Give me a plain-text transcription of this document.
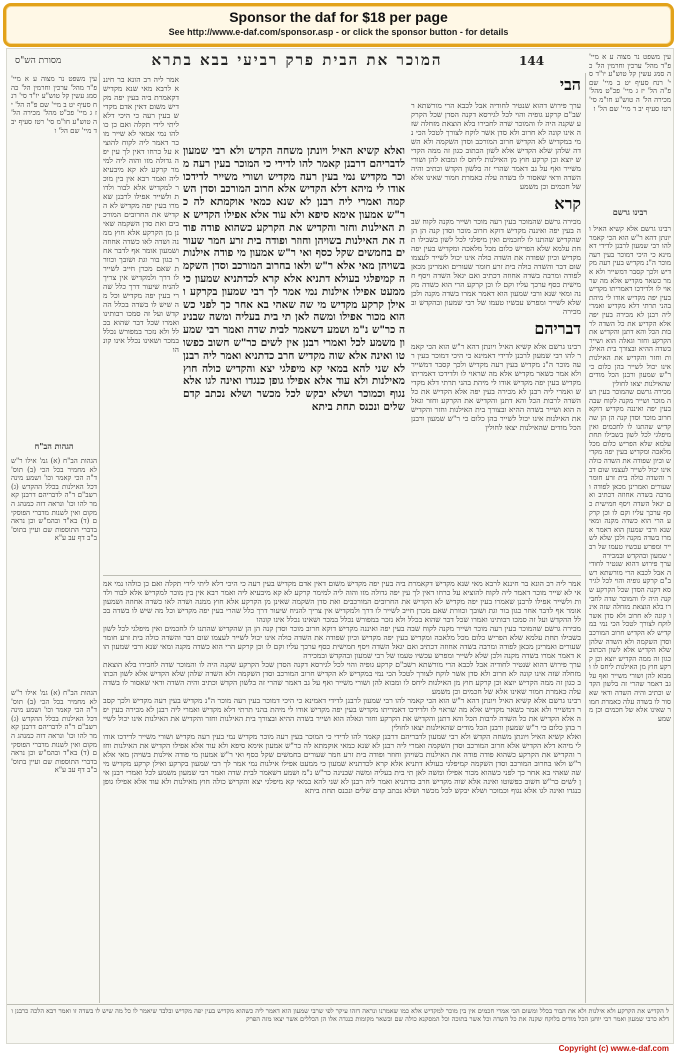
Sponsor the daf for $18 per page
See http://www.e-daf.com/sponsor.asp - or click the sponsor button - for details
מסורת הש"ס	המוכר את הבית פרק רביעי בבא בתרא	144	עין משפט נר מצוה ע א מיי' פ"ד מהל' ערכין וחרמין הל' כה סמג עשין קל טוש"ע יו"ד סי' רנח סעיף יט ב מיי' שם פ"ה הל' יז ג מיי' פכ"ט מהל' מכירה הל' ה טוש"ע חו"מ סי' רטז סעיף יב ד מיי' שם הל' ו
רבינו גרשם
רבינו גרשם אלא קשיא האיל ויונתן דהא ר"ש הוא הכי קאמר להו רבי שמעון לרבנן לדידי דאמינא כי היכי דמוכר בעין רעה מוכר ה"נ מקדיש בעין רעה מקדיש ולכך קסבר דמשייר ולא אמר כשאר מקדיש אלא מה שראוי לו ולדידכו דאמריתו מקדיש בעין יפה מקדיש אודו לי מיהת בהני תרתי דלא מקדיש ואמרי ליה רבנן לא מכירה בעין יפה אלא הקדיש את כל השדה לרבות הכל והא דתנן והקדיש את הקרקע וחזר וגאלה הוא ושייר בשדה ההיא ובצורך בית האילנות וחזר והקדיש את האילנות אינו יכול לשייר בהן כלום כי ר"ש שמעון ורבנן הכל מודים שהאילנות יצאו לחולין
מכירה גרשם שהמוכר בעין רעה מוכר ושייר מקנה לקוח שבה בעין יפה ואיננה מקדיש דוקא חרוב מוכר וסדן קנה הן הן שהקדיש שהתנו לו לחכמים ואין מיפלגי לכל לשון בשבילו תחת עלמא שלא הפריש כלום מכל מלאכה ומקדיש בעין יפה מקדיש וכיון שפודה את השדה כולה אינו יכול לשייר לעצמו שום דבר והשדה כולה בית זרע חומר שעורים ואמרינן מכאן לפודה ומרבה בשדה אחוזה דכתיב ואם יגאל השדה ויסף חמישית כסף ערכך עליו וקם לו וכן קרקע הרי הוא כשדה מקנה ומאי שנא ורבי שמעון הוא דאמר אמרו בשדה מקנה ולכן שלא לשייר ומפרש עכשיו טעמו של רבי שמעון ובהקדש ובמכירה
ערך פירוש דהוא שנטיר לחודיה אבל לכבא הרי מורשתא רשב"ם קרקע גופיה והוי לכל לגירסא דקנה הסדן שכל הקרקע שקנה היה לו והמוכר שדה לחבירו בלא הוצאת מזחלה שזה אינו קונה לא חרוב ולא סדן אשר לוקח לצורך לטכל הכי נמי במקדיש לא הקדיש חרוב המורכב וסדן השקמה ולא השדה שלהן שלא הקדיש אלא לשון הכתוב כגון זה ממה הקדיש יוצא וכן קרקע חוץ מן האילנות ליחס לו ומבוא להן ושורי משייר ואף על גב דאמר שהרי זה בלשון הקדש וכתיב והיה השדה ודאי שאסור לו בשדה עלה כאמרת חמור שאינו אלא של חכמים וכן משמע
הבי
ערך פירוש דהוא שנטיר לחודיה אבל לכבא הרי מורשתא רשב"ם קרקע גופיה והוי לכל לגירסא דקנה הסדן שכל הקרקע שקנה היה לו והמוכר שדה לחבירו בלא הוצאת מזחלה שזה אינו קונה לא חרוב ולא סדן אשר לוקח לצורך לטכל הכי נמי במקדיש לא הקדיש חרוב המורכב וסדן השקמה ולא השדה שלהן שלא הקדיש אלא לשון הכתוב כגון זה ממה הקדיש יוצא וכן קרקע חוץ מן האילנות ליחס לו ומבוא להן ושורי משייר ואף על גב דאמר שהרי זה בלשון הקדש וכתיב והיה השדה ודאי שאסור לו בשדה עלה כאמרת חמור שאינו אלא של חכמים וכן משמע
קרא
מכירה גרשם שהמוכר בעין רעה מוכר ושייר מקנה לקוח שבה בעין יפה ואיננה מקדיש דוקא חרוב מוכר וסדן קנה הן הן שהקדיש שהתנו לו לחכמים ואין מיפלגי לכל לשון בשבילו תחת עלמא שלא הפריש כלום מכל מלאכה ומקדיש בעין יפה מקדיש וכיון שפודה את השדה כולה אינו יכול לשייר לעצמו שום דבר והשדה כולה בית זרע חומר שעורים ואמרינן מכאן לפודה ומרבה בשדה אחוזה דכתיב ואם יגאל השדה ויסף חמישית כסף ערכך עליו וקם לו וכן קרקע הרי הוא כשדה מקנה ומאי שנא ורבי שמעון הוא דאמר אמרו בשדה מקנה ולכן שלא לשייר ומפרש עכשיו טעמו של רבי שמעון ובהקדש ובמכירה
דבריהם
רבינו גרשם אלא קשיא האיל ויונתן דהא ר"ש הוא הכי קאמר להו רבי שמעון לרבנן לדידי דאמינא כי היכי דמוכר בעין רעה מוכר ה"נ מקדיש בעין רעה מקדיש ולכך קסבר דמשייר ולא אמר כשאר מקדיש אלא מה שראוי לו ולדידכו דאמריתו מקדיש בעין יפה מקדיש אודו לי מיהת בהני תרתי דלא מקדיש ואמרי ליה רבנן לא מכירה בעין יפה אלא הקדיש את כל השדה לרבות הכל והא דתנן והקדיש את הקרקע וחזר וגאלה הוא ושייר בשדה ההיא ובצורך בית האילנות וחזר והקדיש את האילנות אינו יכול לשייר בהן כלום כי ר"ש שמעון ורבנן הכל מודים שהאילנות יצאו לחולין
ואלא קשיא האיל ויונתן משחה הקדש ולא רבי שמעון לדבריהם דרבנן קאמר להו לדידי כי המוכר בעין רעה מוכר מקדיש נמי בעין רעה מקדיש ושורי משייר לדידכו אודו לי מיהא דלא הקדיש אלא חרוב המורכב וסדן השקמה ואמרי ליה רבנן לא שנא כמאי אוקמתא לה כר"ש אמעון אימא סיפא ולא עוד אלא אפילו הקדיש את האילנות וחזר והקדיש את הקרקע כשהוא פודה פודה את האילנות בשויהן וחוזר ופודה בית זרע חמר שעורים בחמשים שקל כסף ואי ר"ש אמעון מי פודה אילנות בשויהן מאי אלא ר"ש ולאו בחרוב המורכב וסדן השקמה קמיפלגי בעולא דתניא אלא קרא לכדתניא שמעון כי ממעט אפילו אילנות נמי אמר לך רבי שמעון בקרקע ואילן קרקע מקדיש מי שה שאהי בא אחר כך לפני כשהוא מכור אפילו ומשה לאן תי בית בעליה ומשה שבנינה כר"ש נ"מ ושמע דשאמר לבית שדה ואמר רבי שמעון משמע לכל ואמרי רבנן אין לשים כר"ש חשוב כפשוטו ואינה אלא שוה מקדיש חרב כדתניא ואמר ליה רבנן לא שני להא במאי קא מיפלגי יצא והקדיש כולה חוץ מאילנות ולא עוד אלא אפילו גופן כנגדו ואינה לגו אלא נגוף וכמוכר ושלא יבקש לכל מכשר ושלא נכתב קדם שלים ונכנס תחת ביתא
אמר ליה רב הונא בר חיננא לרבא מאי שנא מקדיש דקאמרת ביה בעין יפה מקדיש משום דאין אדם מקדיש בעין רעה כי היכי דלא ליתי לידי תקלה ואם כן כולהו נמי אמאי לא שייר מוכר דאמר ליה לקוח להוציא על כרחו דאין לך עין יפה גדולה מזו והוה ליה למימר קרקע לא קא מיבעיא ליה ואמר רבא אין בין מוכר למקדיש אלא לבור ולדות ולשייר אפילו לרבנן שאמרו בעין יפה מקדיש לא הקדיש את החרובים המורכבים ואת סדן השקמה שאינן מן הקרקע אלא חוץ ממנה ושדה לאו כשדה אחוזה ושמעון אומר אף לדבר אחר כגון בור וגת ושובך וכוורת שאם מכרן חייב לשייר לו דרך ולמקדיש אין צריך להניח שיעור דרך כלל שהרי בעין יפה מקדיש וכל מה שיש לו בשדה בכלל ההקדש ועל זה סמכו רבותינו ואמרו שכל דבר שהוא בכלל ולא נזכר במפורש נכלל במכר ושאינו נכלל אינו קונהו
עין משפט נר מצוה ע א מיי' פ"ד מהל' ערכין וחרמין הל' כה סמג עשין קל טוש"ע יו"ד סי' רנח סעיף יט ב מיי' שם פ"ה הל' יז ג מיי' פכ"ט מהל' מכירה הל' ה טוש"ע חו"מ סי' רטז סעיף יב ד מיי' שם הל' ו
הגהות הב"ח
הגהות הב"ח (א) גמ' אילו ר"ש לא מחמיר בכל הכי (ב) תוס' ד"ה הכי קאמר וכו' ושמע מינה דכל האילנות בכלל ההקדש (ג) רשב"ם ד"ה לדבריהם דרבנן קאמר להו וכו' ונראה דזה כמנהג המקום ואין לשנות מדברי הפוסקים (ד) בא"ד ובהמ"ש וכן נראה בדברי התוספות שם ועיין בתוס' ב"ב דף עב ע"א
אמר ליה רב הונא בר חיננא לרבא מאי שנא מקדיש דקאמרת ביה בעין יפה מקדיש משום דאין אדם מקדיש בעין רעה כי היכי דלא ליתי לידי תקלה ואם כן כולהו נמי אמאי לא שייר מוכר דאמר ליה לקוח להוציא על כרחו דאין לך עין יפה גדולה מזו והוה ליה למימר קרקע לא קא מיבעיא ליה ואמר רבא אין בין מוכר למקדיש אלא לבור ולדות ולשייר אפילו לרבנן שאמרו בעין יפה מקדיש לא הקדיש את החרובים המורכבים ואת סדן השקמה שאינן מן הקרקע אלא חוץ ממנה ושדה לאו כשדה אחוזה ושמעון אומר אף לדבר אחר כגון בור וגת ושובך וכוורת שאם מכרן חייב לשייר לו דרך ולמקדיש אין צריך להניח שיעור דרך כלל שהרי בעין יפה מקדיש וכל מה שיש לו בשדה בכלל ההקדש ועל זה סמכו רבותינו ואמרו שכל דבר שהוא בכלל ולא נזכר במפורש נכלל במכר ושאינו נכלל אינו קונהו
מכירה גרשם שהמוכר בעין רעה מוכר ושייר מקנה לקוח שבה בעין יפה ואיננה מקדיש דוקא חרוב מוכר וסדן קנה הן הן שהקדיש שהתנו לו לחכמים ואין מיפלגי לכל לשון בשבילו תחת עלמא שלא הפריש כלום מכל מלאכה ומקדיש בעין יפה מקדיש וכיון שפודה את השדה כולה אינו יכול לשייר לעצמו שום דבר והשדה כולה בית זרע חומר שעורים ואמרינן מכאן לפודה ומרבה בשדה אחוזה דכתיב ואם יגאל השדה ויסף חמישית כסף ערכך עליו וקם לו וכן קרקע הרי הוא כשדה מקנה ומאי שנא ורבי שמעון הוא דאמר אמרו בשדה מקנה ולכן שלא לשייר ומפרש עכשיו טעמו של רבי שמעון ובהקדש ובמכירה
ערך פירוש דהוא שנטיר לחודיה אבל לכבא הרי מורשתא רשב"ם קרקע גופיה והוי לכל לגירסא דקנה הסדן שכל הקרקע שקנה היה לו והמוכר שדה לחבירו בלא הוצאת מזחלה שזה אינו קונה לא חרוב ולא סדן אשר לוקח לצורך לטכל הכי נמי במקדיש לא הקדיש חרוב המורכב וסדן השקמה ולא השדה שלהן שלא הקדיש אלא לשון הכתוב כגון זה ממה הקדיש יוצא וכן קרקע חוץ מן האילנות ליחס לו ומבוא להן ושורי משייר ואף על גב דאמר שהרי זה בלשון הקדש וכתיב והיה השדה ודאי שאסור לו בשדה עלה כאמרת חמור שאינו אלא של חכמים וכן משמע
רבינו גרשם אלא קשיא האיל ויונתן דהא ר"ש הוא הכי קאמר להו רבי שמעון לרבנן לדידי דאמינא כי היכי דמוכר בעין רעה מוכר ה"נ מקדיש בעין רעה מקדיש ולכך קסבר דמשייר ולא אמר כשאר מקדיש אלא מה שראוי לו ולדידכו דאמריתו מקדיש בעין יפה מקדיש אודו לי מיהת בהני תרתי דלא מקדיש ואמרי ליה רבנן לא מכירה בעין יפה אלא הקדיש את כל השדה לרבות הכל והא דתנן והקדיש את הקרקע וחזר וגאלה הוא ושייר בשדה ההיא ובצורך בית האילנות וחזר והקדיש את האילנות אינו יכול לשייר בהן כלום כי ר"ש שמעון ורבנן הכל מודים שהאילנות יצאו לחולין
ואלא קשיא האיל ויונתן משחה הקדש ולא רבי שמעון לדבריהם דרבנן קאמר להו לדידי כי המוכר בעין רעה מוכר מקדיש נמי בעין רעה מקדיש ושורי משייר לדידכו אודו לי מיהא דלא הקדיש אלא חרוב המורכב וסדן השקמה ואמרי ליה רבנן לא שנא כמאי אוקמתא לה כר"ש אמעון אימא סיפא ולא עוד אלא אפילו הקדיש את האילנות וחזר והקדיש את הקרקע כשהוא פודה פודה את האילנות בשויהן וחוזר ופודה בית זרע חמר שעורים בחמשים שקל כסף ואי ר"ש אמעון מי פודה אילנות בשויהן מאי אלא ר"ש ולאו בחרוב המורכב וסדן השקמה קמיפלגי בעולא דתניא אלא קרא לכדתניא שמעון כי ממעט אפילו אילנות נמי אמר לך רבי שמעון בקרקע ואילן קרקע מקדיש מי שה שאהי בא אחר כך לפני כשהוא מכור אפילו ומשה לאן תי בית בעליה ומשה שבנינה כר"ש נ"מ ושמע דשאמר לבית שדה ואמר רבי שמעון משמע לכל ואמרי רבנן אין לשים כר"ש חשוב כפשוטו ואינה אלא שוה מקדיש חרב כדתניא ואמר ליה רבנן לא שני להא במאי קא מיפלגי יצא והקדיש כולה חוץ מאילנות ולא עוד אלא אפילו גופן כנגדו ואינה לגו אלא נגוף וכמוכר ושלא יבקש לכל מכשר ושלא נכתב קדם שלים ונכנס תחת ביתא
הגהות הב"ח (א) גמ' אילו ר"ש לא מחמיר בכל הכי (ב) תוס' ד"ה הכי קאמר וכו' ושמע מינה דכל האילנות בכלל ההקדש (ג) רשב"ם ד"ה לדבריהם דרבנן קאמר להו וכו' ונראה דזה כמנהג המקום ואין לשנות מדברי הפוסקים (ד) בא"ד ובהמ"ש וכן נראה בדברי התוספות שם ועיין בתוס' ב"ב דף עב ע"א
ל הקדיש את הקרקע ולא אילנות ולא את הבור בכלל ומשום הכי אמרי חכמים אין בין מוכר למקדיש אלא כמו שאמרנו ונראה דזהו עיקר לפי שרבי שמעון הוא דאמר ליה כשהוא מקדיש בעין יפה מקדיש ובלבד שיאמר לו כל מה שיש לו בשדה זו ואמר רבא הלכה כרבנן ודלא כרבי שמעון ואמר רבי יוחנן הכל מודים בלוקח שקנה את כל השדה וכל אשר בתוכה וכל המסקנא כולה שם ובשאר מקומות כנגדה אלו הן הכללים אשר יצאו מזה הפרק
Copyright (c) www.e-daf.com
